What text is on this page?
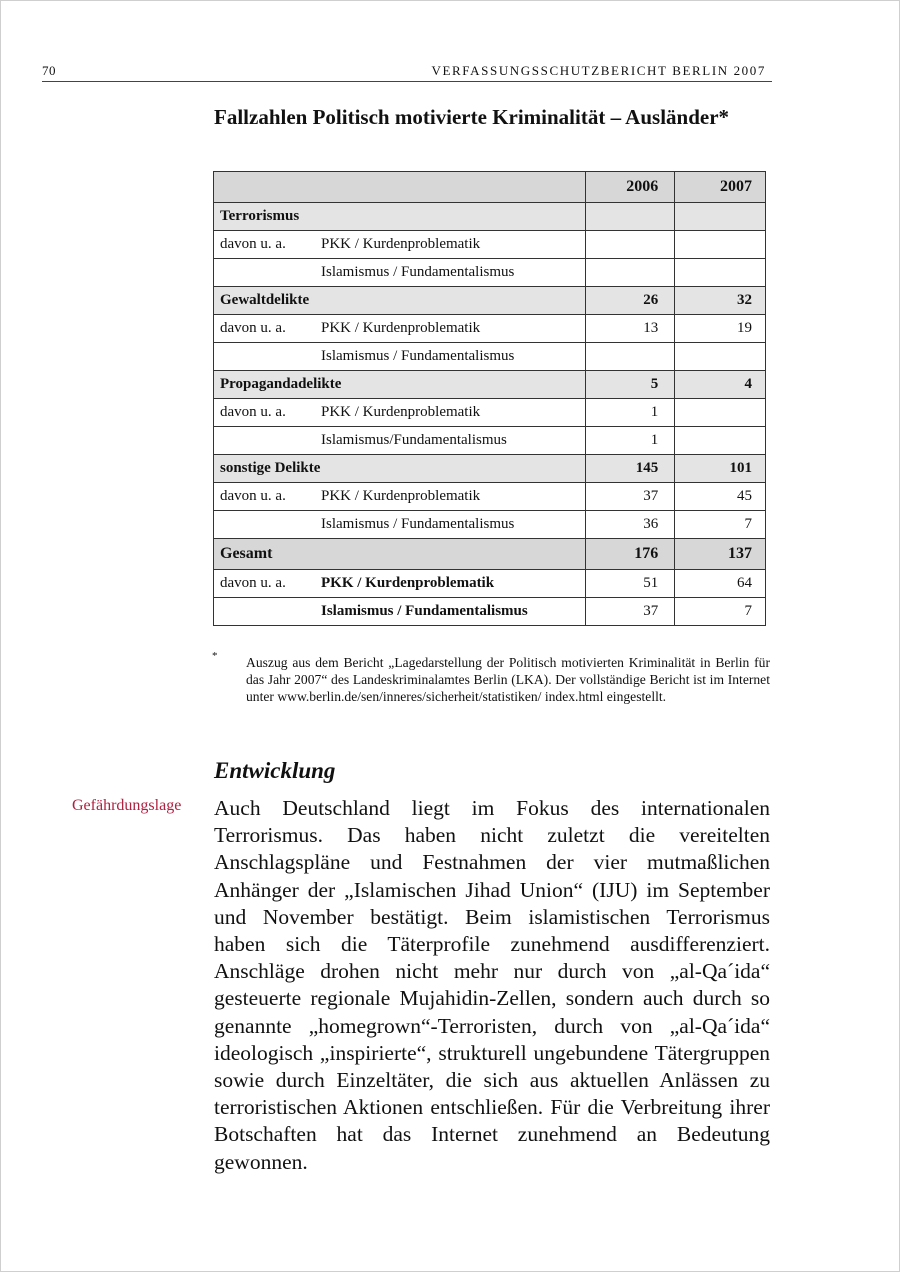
70	VERFASSUNGSSCHUTZBERICHT BERLIN 2007
Fallzahlen Politisch motivierte Kriminalität – Ausländer*
	2006	2007
Terrorismus		
davon u. a. PKK / Kurdenproblematik		
Islamismus / Fundamentalismus		
Gewaltdelikte	26	32
davon u. a. PKK / Kurdenproblematik	13	19
Islamismus / Fundamentalismus		
Propagandadelikte	5	4
davon u. a. PKK / Kurdenproblematik	1	
Islamismus/Fundamentalismus	1	
sonstige Delikte	145	101
davon u. a. PKK / Kurdenproblematik	37	45
Islamismus / Fundamentalismus	36	7
Gesamt	176	137
davon u. a. PKK / Kurdenproblematik	51	64
Islamismus / Fundamentalismus	37	7
* Auszug aus dem Bericht „Lagedarstellung der Politisch motivierten Kriminalität in Berlin für das Jahr 2007“ des Landeskriminalamtes Berlin (LKA). Der vollständige Bericht ist im Internet unter www.berlin.de/sen/inneres/sicherheit/statistiken/ index.html eingestellt.
Entwicklung
Gefährdungslage Auch Deutschland liegt im Fokus des internationalen Terrorismus. Das haben nicht zuletzt die vereitelten Anschlagspläne und Festnahmen der vier mutmaßlichen Anhänger der „Islamischen Jihad Union“ (IJU) im September und November bestätigt. Beim islamistischen Terrorismus haben sich die Täterprofile zunehmend ausdifferenziert. Anschläge drohen nicht mehr nur durch von „al-Qa´ida“ gesteuerte regionale Mujahidin-Zellen, sondern auch durch so genannte „homegrown“-Terroristen, durch von „al-Qa´ida“ ideologisch „inspirierte“, strukturell ungebundene Tätergruppen sowie durch Einzeltäter, die sich aus aktuellen Anlässen zu terroristischen Aktionen entschließen. Für die Verbreitung ihrer Botschaften hat das Internet zunehmend an Bedeutung gewonnen.
